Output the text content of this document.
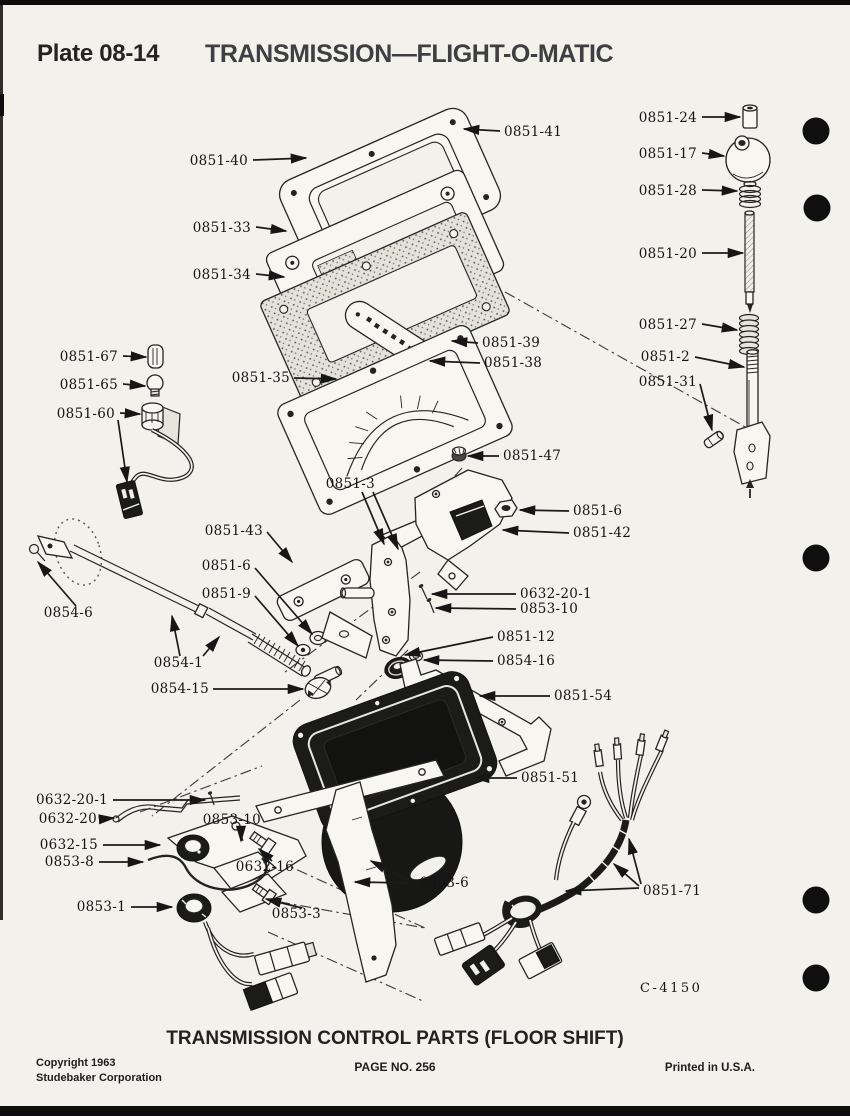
Plate 08-14 TRANSMISSION—FLIGHT-O-MATIC
0851-24
0851-17
0851-28
0851-20
0851-27
0851-2
0851-31
0851-41
0851-40
0851-33
0851-34
0851-39
0851-38
0851-35
0851-67
0851-65
0851-60
0851-47
0851-3
0851-6
0851-42
0851-43
0851-6
0851-9
0854-6
0854-1
0854-15
0632-20-1
0853-10
0851-12
0854-16
0851-54
0851-51
0632-20-1
0632-20
0632-15
0853-8
0853-1
0853-10
0632-16
0853-3
0853-6	0851-71
C-4150
TRANSMISSION CONTROL PARTS (FLOOR SHIFT)
Copyright 1963
Studebaker Corporation
PAGE NO. 256	Printed in U.S.A.
